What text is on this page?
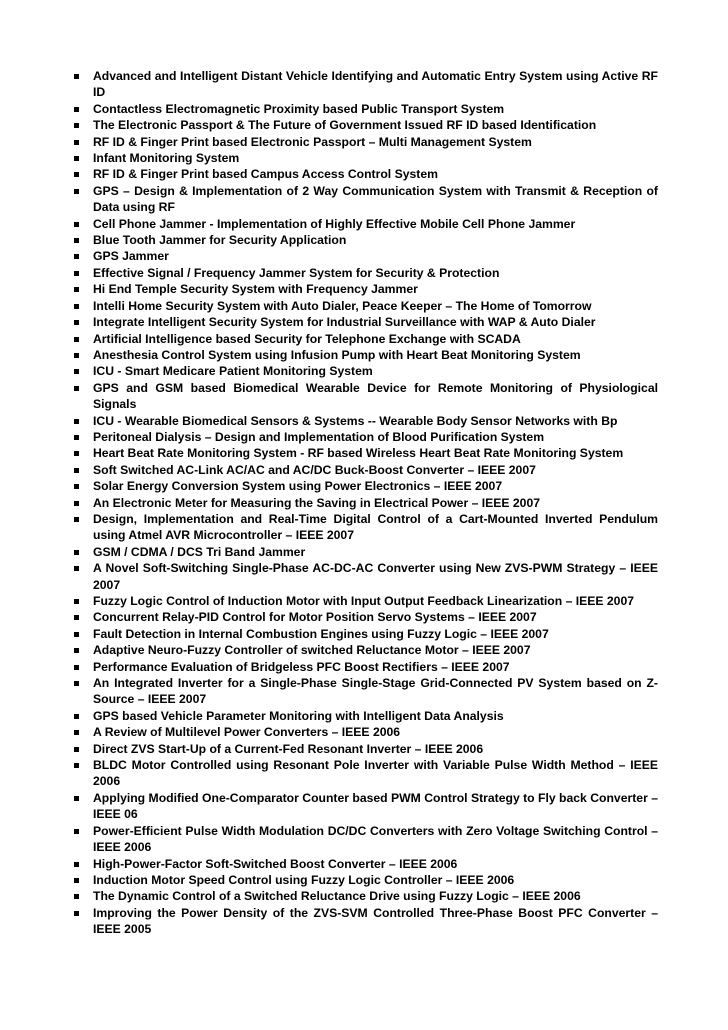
Advanced and Intelligent Distant Vehicle Identifying and Automatic Entry System using Active RF ID
Contactless Electromagnetic Proximity based Public Transport System
The Electronic Passport & The Future of Government Issued RF ID based Identification
RF ID & Finger Print based Electronic Passport – Multi Management System
Infant Monitoring System
RF ID & Finger Print based Campus Access Control System
GPS – Design & Implementation of 2 Way Communication System with Transmit & Reception of Data using RF
Cell Phone Jammer - Implementation of Highly Effective Mobile Cell Phone Jammer
Blue Tooth Jammer for Security Application
GPS Jammer
Effective Signal / Frequency Jammer System for Security & Protection
Hi End Temple Security System with Frequency Jammer
Intelli Home Security System with Auto Dialer, Peace Keeper – The Home of Tomorrow
Integrate Intelligent Security System for Industrial Surveillance with WAP & Auto Dialer
Artificial Intelligence based Security for Telephone Exchange with SCADA
Anesthesia Control System using Infusion Pump with Heart Beat Monitoring System
ICU - Smart Medicare Patient Monitoring System
GPS and GSM based Biomedical Wearable Device for Remote Monitoring of Physiological Signals
ICU - Wearable Biomedical Sensors & Systems -- Wearable Body Sensor Networks with Bp
Peritoneal Dialysis – Design and Implementation of Blood Purification System
Heart Beat Rate Monitoring System - RF based Wireless Heart Beat Rate Monitoring System
Soft Switched AC-Link AC/AC and AC/DC Buck-Boost Converter – IEEE 2007
Solar Energy Conversion System using Power Electronics – IEEE 2007
An Electronic Meter for Measuring the Saving in Electrical Power – IEEE 2007
Design, Implementation and Real-Time Digital Control of a Cart-Mounted Inverted Pendulum using Atmel AVR Microcontroller – IEEE 2007
GSM / CDMA / DCS Tri Band Jammer
A Novel Soft-Switching Single-Phase AC-DC-AC Converter using New ZVS-PWM Strategy – IEEE 2007
Fuzzy Logic Control of Induction Motor with Input Output Feedback Linearization – IEEE 2007
Concurrent Relay-PID Control for Motor Position Servo Systems – IEEE 2007
Fault Detection in Internal Combustion Engines using Fuzzy Logic – IEEE 2007
Adaptive Neuro-Fuzzy Controller of switched Reluctance Motor – IEEE 2007
Performance Evaluation of Bridgeless PFC Boost Rectifiers – IEEE 2007
An Integrated Inverter for a Single-Phase Single-Stage Grid-Connected PV System based on Z-Source – IEEE 2007
GPS based Vehicle Parameter Monitoring with Intelligent Data Analysis
A Review of Multilevel Power Converters – IEEE 2006
Direct ZVS Start-Up of a Current-Fed Resonant Inverter – IEEE 2006
BLDC Motor Controlled using Resonant Pole Inverter with Variable Pulse Width Method – IEEE 2006
Applying Modified One-Comparator Counter based PWM Control Strategy to Fly back Converter – IEEE 06
Power-Efficient Pulse Width Modulation DC/DC Converters with Zero Voltage Switching Control – IEEE 2006
High-Power-Factor Soft-Switched Boost Converter – IEEE 2006
Induction Motor Speed Control using Fuzzy Logic Controller – IEEE 2006
The Dynamic Control of a Switched Reluctance Drive using Fuzzy Logic – IEEE 2006
Improving the Power Density of the ZVS-SVM Controlled Three-Phase Boost PFC Converter – IEEE 2005
